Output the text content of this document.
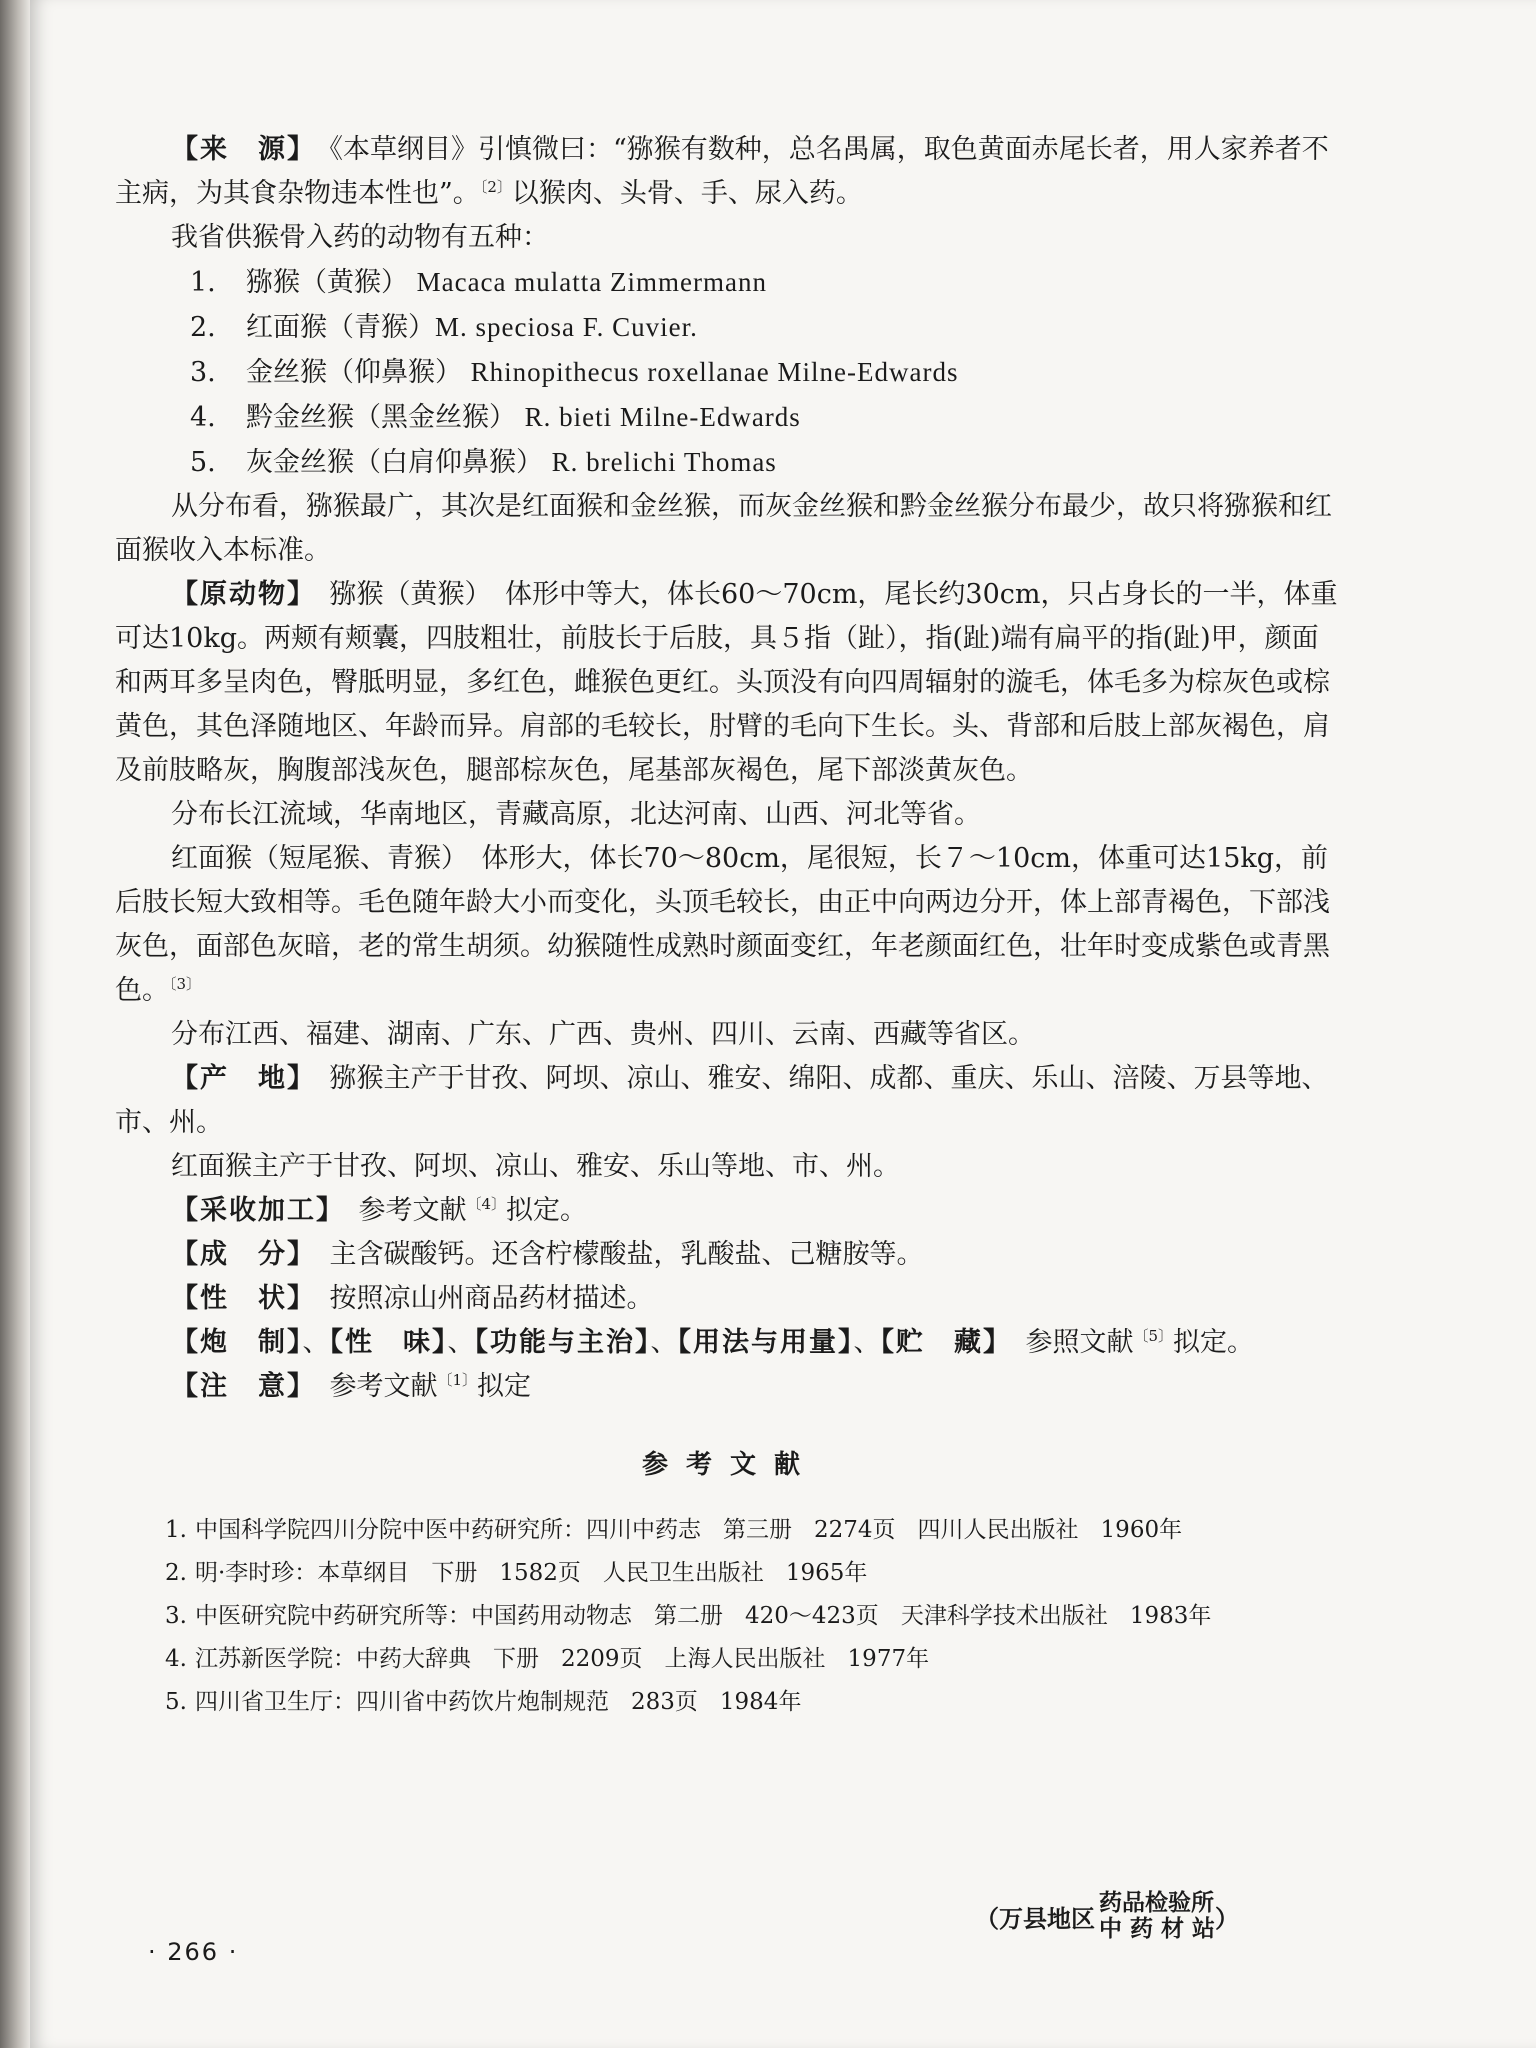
【来　源】　 《本草纲目》引慎微曰：“猕猴有数种，总名禺属，取色黄面赤尾长者，用人家养者不主病，为其食杂物违本性也”。$^{〔2〕}$以猴肉、头骨、手、尿入药。

我省供猴骨入药的动物有五种：

1. 猕猴（黄猴） Macaca mulatta Zimmermann

2. 红面猴（青猴）M. speciosa F. Cuvier.

3. 金丝猴（仰鼻猴） Rhinopithecus roxellanae Milne-Edwards

4. 黔金丝猴（黑金丝猴） R. bieti Milne-Edwards

5. 灰金丝猴（白肩仰鼻猴） R. brelichi Thomas

从分布看，猕猴最广，其次是红面猴和金丝猴，而灰金丝猴和黔金丝猴分布最少，故只将猕猴和红面猴收入本标准。

【原动物】　 猕猴（黄猴）　体形中等大，体长60～70cm，尾长约30cm，只占身长的一半，体重可达10kg。两颊有颊囊，四肢粗壮，前肢长于后肢，具５指（趾），指(趾)端有扁平的指(趾)甲，颜面和两耳多呈肉色，臀胝明显，多红色，雌猴色更红。头顶没有向四周辐射的漩毛，体毛多为棕灰色或棕黄色，其色泽随地区、年龄而异。肩部的毛较长，肘臂的毛向下生长。头、背部和后肢上部灰褐色，肩及前肢略灰，胸腹部浅灰色，腿部棕灰色，尾基部灰褐色，尾下部淡黄灰色。

分布长江流域，华南地区，青藏高原，北达河南、山西、河北等省。

红面猴（短尾猴、青猴）　体形大，体长70～80cm，尾很短，长７～10cm，体重可达15kg，前后肢长短大致相等。毛色随年龄大小而变化，头顶毛较长，由正中向两边分开，体上部青褐色，下部浅灰色，面部色灰暗，老的常生胡须。幼猴随性成熟时颜面变红，年老颜面红色，壮年时变成紫色或青黑色。$^{〔3〕}$

分布江西、福建、湖南、广东、广西、贵州、四川、云南、西藏等省区。

【产　地】　 猕猴主产于甘孜、阿坝、凉山、雅安、绵阳、成都、重庆、乐山、涪陵、万县等地、市、州。

红面猴主产于甘孜、阿坝、凉山、雅安、乐山等地、市、州。

【采收加工】　 参考文献$^{〔4〕}$拟定。

【成　分】　 主含碳酸钙。还含柠檬酸盐，乳酸盐、己糖胺等。

【性　状】　 按照凉山州商品药材描述。

【炮　制】、【性　味】、【功能与主治】、【用法与用量】、【贮　藏】　 参照文献$^{〔5〕}$拟定。

【注　意】　 参考文献$^{〔1〕}$拟定

参考文献

1. 中国科学院四川分院中医中药研究所：四川中药志 第三册 2274页 四川人民出版社 1960年

2. 明·李时珍：本草纲目 下册 1582页 人民卫生出版社 1965年

3. 中医研究院中药研究所等：中国药用动物志 第二册 420～423页 天津科学技术出版社 1983年

4. 江苏新医学院：中药大辞典 下册 2209页 上海人民出版社 1977年

5. 四川省卫生厅：四川省中药饮片炮制规范 283页 1984年

（万县地区
药品检验所
中 药 材 站 ）
· 266 ·
